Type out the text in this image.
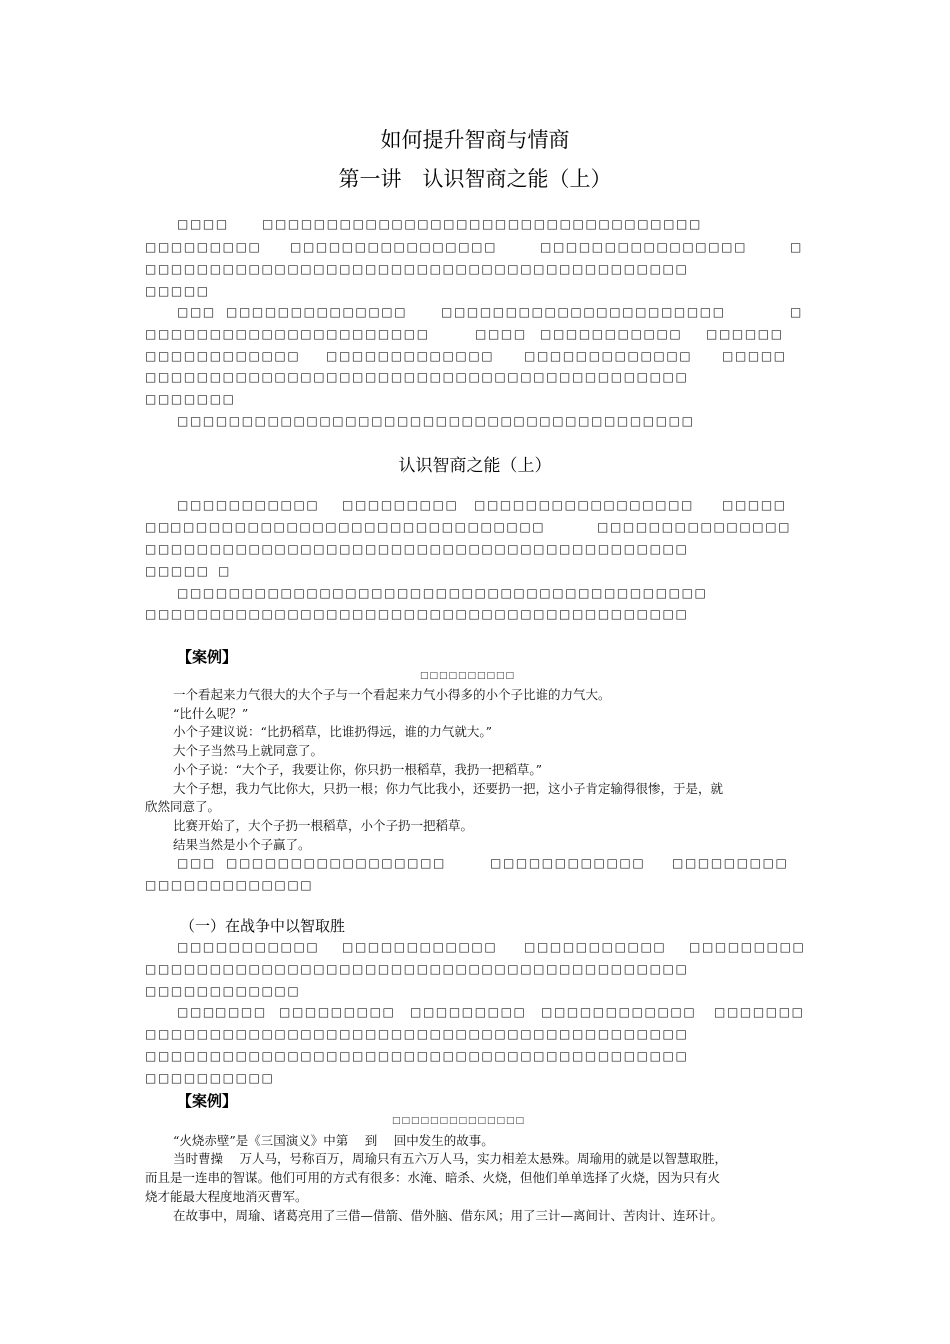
如何提升智商与情商
第一讲　认识智商之能（上）
□□□□	□□□□□□□□□□□□□□□□□□□□□□□□□□□□□□□□□□
□□□□□□□□□ □□□□□□□□□□□□□□□□	□□□□□□□□□□□□□□□□	□
□□□□□□□□□□□□□□□□□□□□□□□□□□□□□□□□□□□□□□□□□□
□□□□□
□□□ □□□□□□□□□□□□□□	□□□□□□□□□□□□□□□□□□□□□□	□
□□□□□□□□□□□□□□□□□□□□□□	□□□□ □□□□□□□□□□□ □□□□□□
□□□□□□□□□□□□ □□□□□□□□□□□□□ □□□□□□□□□□□□□ □□□□□
□□□□□□□□□□□□□□□□□□□□□□□□□□□□□□□□□□□□□□□□□□
□□□□□□□
□□□□□□□□□□□□□□□□□□□□□□□□□□□□□□□□□□□□□□□□
认识智商之能（上）
□□□□□□□□□□□ □□□□□□□□□ □□□□□□□□□□□□□□□□□ □□□□□
□□ □□□□□□□□□□□□□□□□□□□□□□□□□□□□□	□□□□□□□□□□□□□□□
□□□□□□□□□□□□□□□□□□□□□□□□□□□□□□□□□□□□□□□□□□
□□□□□ □
□□□□□□□□□□□□□□□□□□□□□□□□□□□□□□□□□□□□□□□□□
□□□□□□□□□□□□□□□□□□□□□□□□□□□□□□□□□□□□□□□□□□
【案例】
□□□□□□□□□□
一个看起来力气很大的大个子与一个看起来力气小得多的小个子比谁的力气大。
“比什么呢？”
小个子建议说：“比扔稻草，比谁扔得远，谁的力气就大。”
大个子当然马上就同意了。
小个子说：“大个子，我要让你，你只扔一根稻草，我扔一把稻草。”
大个子想，我力气比你大，只扔一根；你力气比我小，还要扔一把，这小子肯定输得很惨，于是，就
欣然同意了。
比赛开始了，大个子扔一根稻草，小个子扔一把稻草。
结果当然是小个子赢了。
□□□ □□□□□□□□□□□□□□□□□	□□□□□□□□□□□□ □□□□□□□□□
□□□□□□□□□□□□□
（一）在战争中以智取胜
□□□□□□□□□□□ □□□□□□□□□□□□ □□□□□□□□□□□ □□□□□□□□□
□□□□□□□□□□□□□□□□□□□□□□□□□□□□□□□□□□□□□□□□□□
□□□□□□□□□□□□
□□□ □□□□ □□□□□□□□□ □□□□□□□□□ □□□□□□□□□□□□ □□□□□□□
□□□□□□□□□□□□□□□□□□□□□□□□□□□□□□□□□□□□□□□□□□
□□□□□□□□□□□□□□□□□□□□□□□□□□□□□□□□□□□□□□□□□□
□□□□□□□□□□
【案例】
□□□□□□□□□□□□□□
“火烧赤壁”是《三国演义》中第　 到　 回中发生的故事。
当时曹操　 万人马，号称百万，周瑜只有五六万人马，实力相差太悬殊。周瑜用的就是以智慧取胜，
而且是一连串的智谋。他们可用的方式有很多：水淹、暗杀、火烧，但他们单单选择了火烧，因为只有火
烧才能最大程度地消灭曹军。
在故事中，周瑜、诸葛亮用了三借—借箭、借外脑、借东风；用了三计—离间计、苦肉计、连环计。
